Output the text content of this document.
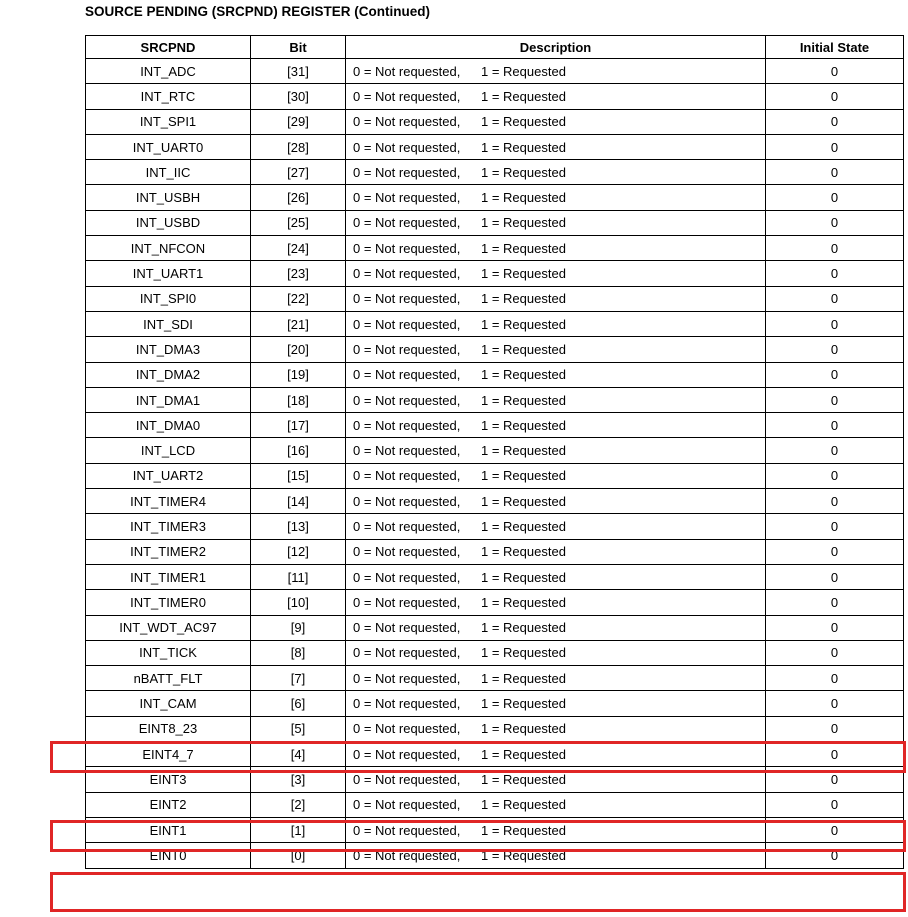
SOURCE PENDING (SRCPND) REGISTER (Continued)
SRCPND	Bit	Description	Initial State
INT_ADC	[31]	0 = Not requested, 1 = Requested	0
INT_RTC	[30]	0 = Not requested, 1 = Requested	0
INT_SPI1	[29]	0 = Not requested, 1 = Requested	0
INT_UART0	[28]	0 = Not requested, 1 = Requested	0
INT_IIC	[27]	0 = Not requested, 1 = Requested	0
INT_USBH	[26]	0 = Not requested, 1 = Requested	0
INT_USBD	[25]	0 = Not requested, 1 = Requested	0
INT_NFCON	[24]	0 = Not requested, 1 = Requested	0
INT_UART1	[23]	0 = Not requested, 1 = Requested	0
INT_SPI0	[22]	0 = Not requested, 1 = Requested	0
INT_SDI	[21]	0 = Not requested, 1 = Requested	0
INT_DMA3	[20]	0 = Not requested, 1 = Requested	0
INT_DMA2	[19]	0 = Not requested, 1 = Requested	0
INT_DMA1	[18]	0 = Not requested, 1 = Requested	0
INT_DMA0	[17]	0 = Not requested, 1 = Requested	0
INT_LCD	[16]	0 = Not requested, 1 = Requested	0
INT_UART2	[15]	0 = Not requested, 1 = Requested	0
INT_TIMER4	[14]	0 = Not requested, 1 = Requested	0
INT_TIMER3	[13]	0 = Not requested, 1 = Requested	0
INT_TIMER2	[12]	0 = Not requested, 1 = Requested	0
INT_TIMER1	[11]	0 = Not requested, 1 = Requested	0
INT_TIMER0	[10]	0 = Not requested, 1 = Requested	0
INT_WDT_AC97	[9]	0 = Not requested, 1 = Requested	0
INT_TICK	[8]	0 = Not requested, 1 = Requested	0
nBATT_FLT	[7]	0 = Not requested, 1 = Requested	0
INT_CAM	[6]	0 = Not requested, 1 = Requested	0
EINT8_23	[5]	0 = Not requested, 1 = Requested	0
EINT4_7	[4]	0 = Not requested, 1 = Requested	0
EINT3	[3]	0 = Not requested, 1 = Requested	0
EINT2	[2]	0 = Not requested, 1 = Requested	0
EINT1	[1]	0 = Not requested, 1 = Requested	0
EINT0	[0]	0 = Not requested, 1 = Requested	0
